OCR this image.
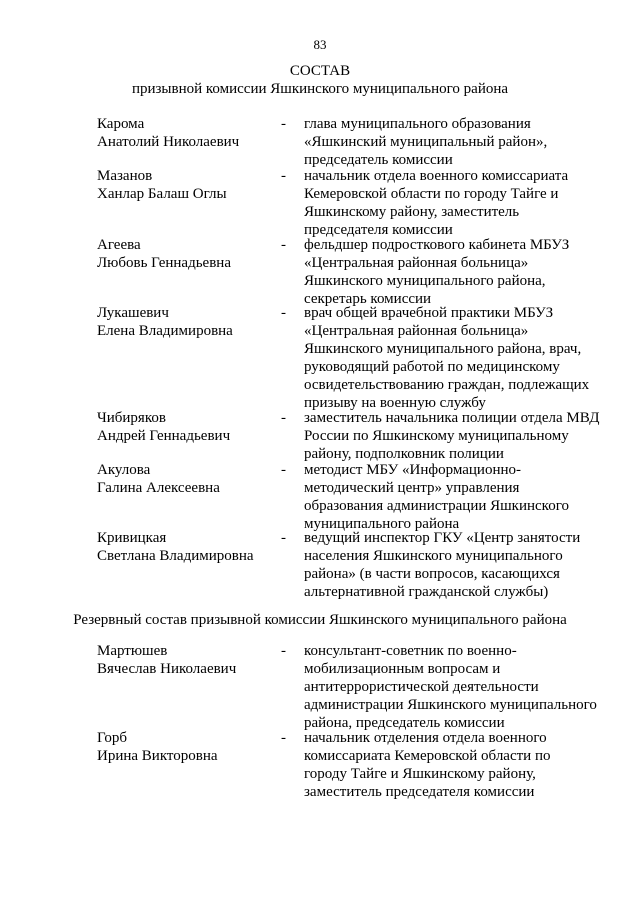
83
СОСТАВ
призывной комиссии Яшкинского муниципального района
Карома
Анатолий Николаевич
-	глава муниципального образования
«Яшкинский муниципальный район»,
председатель комиссии
Мазанов
Ханлар Балаш Оглы
-	начальник отдела военного комиссариата
Кемеровской области по городу Тайге и
Яшкинскому району, заместитель
председателя комиссии
Агеева
Любовь Геннадьевна
-	фельдшер подросткового кабинета МБУЗ
«Центральная районная больница»
Яшкинского муниципального района,
секретарь комиссии
Лукашевич
Елена Владимировна
-	врач общей врачебной практики МБУЗ
«Центральная районная больница»
Яшкинского муниципального района, врач,
руководящий работой по медицинскому
освидетельствованию граждан, подлежащих
призыву на военную службу
Чибиряков
Андрей Геннадьевич
-	заместитель начальника полиции отдела МВД
России по Яшкинскому муниципальному
району, подполковник полиции
Акулова
Галина Алексеевна
-	методист МБУ «Информационно-
методический центр» управления
образования администрации Яшкинского
муниципального района
Кривицкая
Светлана Владимировна
-	ведущий инспектор ГКУ «Центр занятости
населения Яшкинского муниципального
района» (в части вопросов, касающихся
альтернативной гражданской службы)
Резервный состав призывной комиссии Яшкинского муниципального района
Мартюшев
Вячеслав Николаевич
-	консультант-советник по военно-
мобилизационным вопросам и
антитеррористической деятельности
администрации Яшкинского муниципального
района, председатель комиссии
Горб
Ирина Викторовна
-	начальник отделения отдела военного
комиссариата Кемеровской области по
городу Тайге и Яшкинскому району,
заместитель председателя комиссии
